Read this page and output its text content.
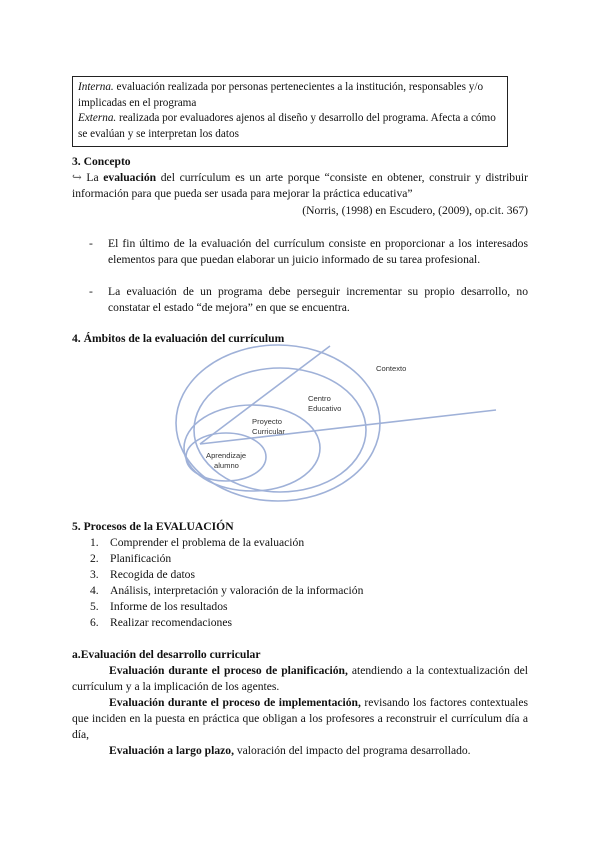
Interna. evaluación realizada por personas pertenecientes a la institución, responsables y/o implicadas en el programa

Externa. realizada por evaluadores ajenos al diseño y desarrollo del programa. Afecta a cómo se evalúan y se interpretan los datos

3. Concepto

↪ La evaluación del currículum es un arte porque “consiste en obtener, construir y distribuir información para que pueda ser usada para mejorar la práctica educativa”

(Norris, (1998) en Escudero, (2009), op.cit. 367)

- El fin último de la evaluación del currículum consiste en proporcionar a los interesados elementos para que puedan elaborar un juicio informado de su tarea profesional.
- La evaluación de un programa debe perseguir incrementar su propio desarrollo, no constatar el estado “de mejora” en que se encuentra.

4. Ámbitos de la evaluación del currículum

Contexto
Centro
Educativo
Proyecto
Curricular
Aprendizaje
alumno

5. Procesos de la EVALUACIÓN

1. Comprender el problema de la evaluación
2. Planificación
3. Recogida de datos
4. Análisis, interpretación y valoración de la información
5. Informe de los resultados
6. Realizar recomendaciones

a.Evaluación del desarrollo curricular

Evaluación durante el proceso de planificación, atendiendo a la contextualización del currículum y a la implicación de los agentes.

Evaluación durante el proceso de implementación, revisando los factores contextuales que inciden en la puesta en práctica que obligan a los profesores a reconstruir el currículum día a día,

Evaluación a largo plazo, valoración del impacto del programa desarrollado.
